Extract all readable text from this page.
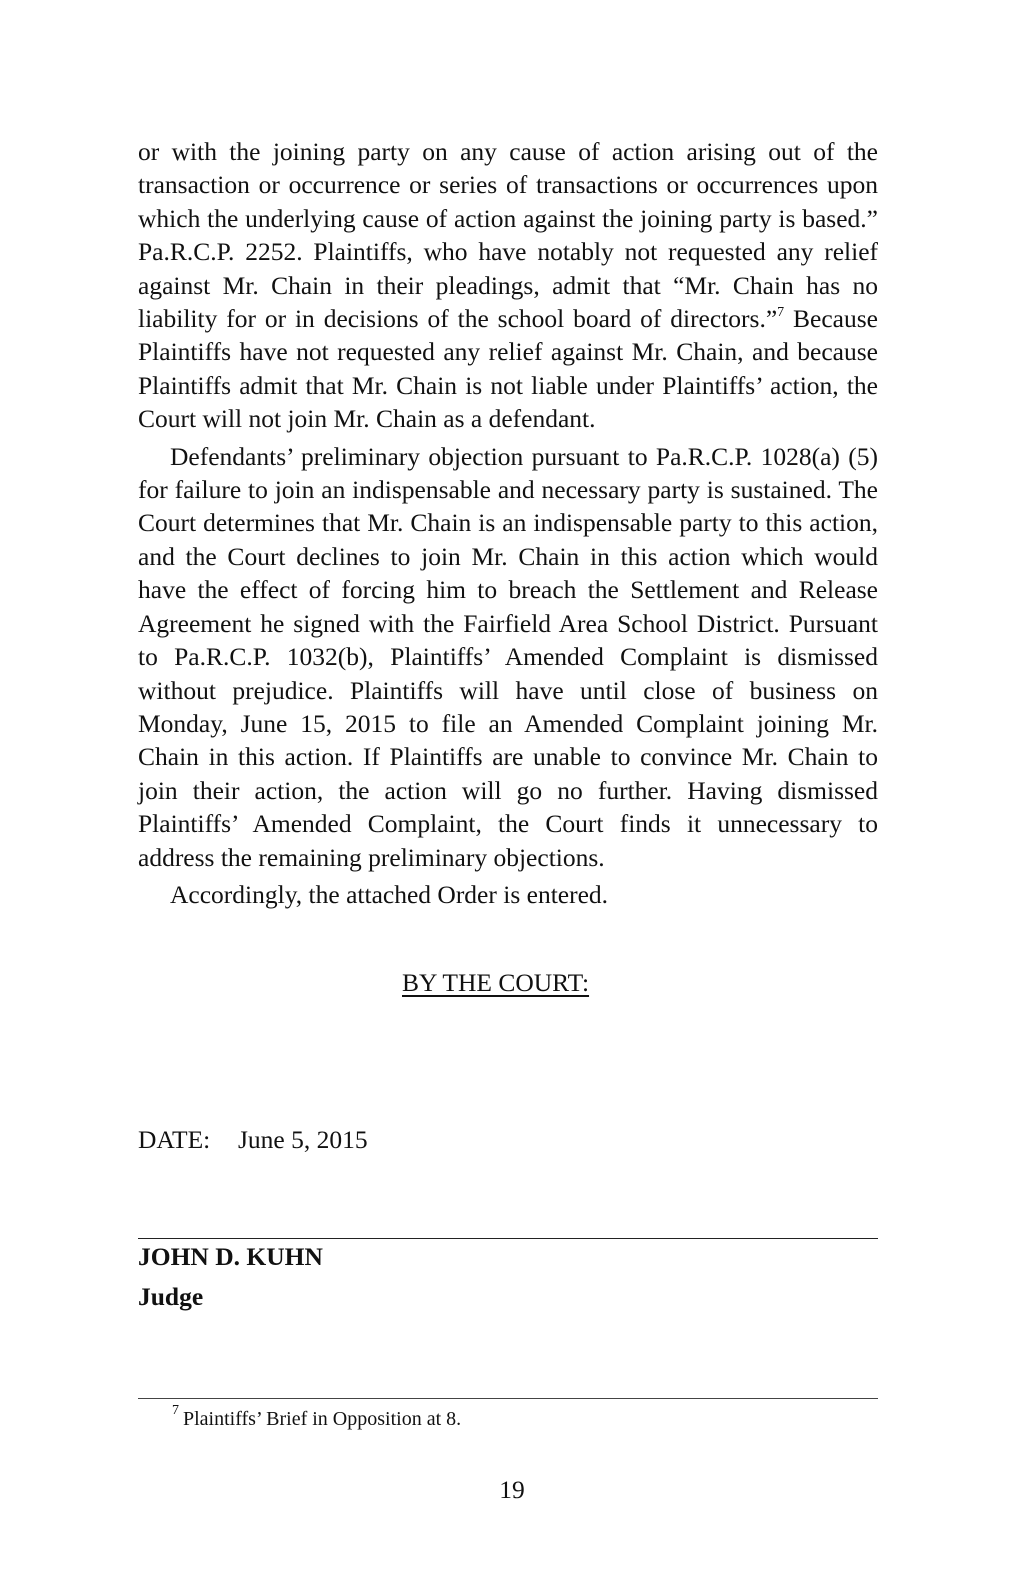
or with the joining party on any cause of action arising out of the transaction or occurrence or series of transactions or occurrences upon which the underlying cause of action against the joining party is based.” Pa.R.C.P. 2252. Plaintiffs, who have notably not requested any relief against Mr. Chain in their pleadings, admit that “Mr. Chain has no liability for or in decisions of the school board of directors.”$^7$ Because Plaintiffs have not requested any relief against Mr. Chain, and because Plaintiffs admit that Mr. Chain is not liable under Plaintiffs’ action, the Court will not join Mr. Chain as a defendant.

Defendants’ preliminary objection pursuant to Pa.R.C.P. 1028(a) (5) for failure to join an indispensable and necessary party is sustained. The Court determines that Mr. Chain is an indispensable party to this action, and the Court declines to join Mr. Chain in this action which would have the effect of forcing him to breach the Settlement and Release Agreement he signed with the Fairfield Area School District. Pursuant to Pa.R.C.P. 1032(b), Plaintiffs’ Amended Complaint is dismissed without prejudice. Plaintiffs will have until close of business on Monday, June 15, 2015 to file an Amended Complaint joining Mr. Chain in this action. If Plaintiffs are unable to convince Mr. Chain to join their action, the action will go no further. Having dismissed Plaintiffs’ Amended Complaint, the Court finds it unnecessary to address the remaining preliminary objections.

Accordingly, the attached Order is entered.

BY THE COURT:
DATE: June 5, 2015
JOHN D. KUHN
Judge
$^7$ Plaintiffs’ Brief in Opposition at 8.
19
